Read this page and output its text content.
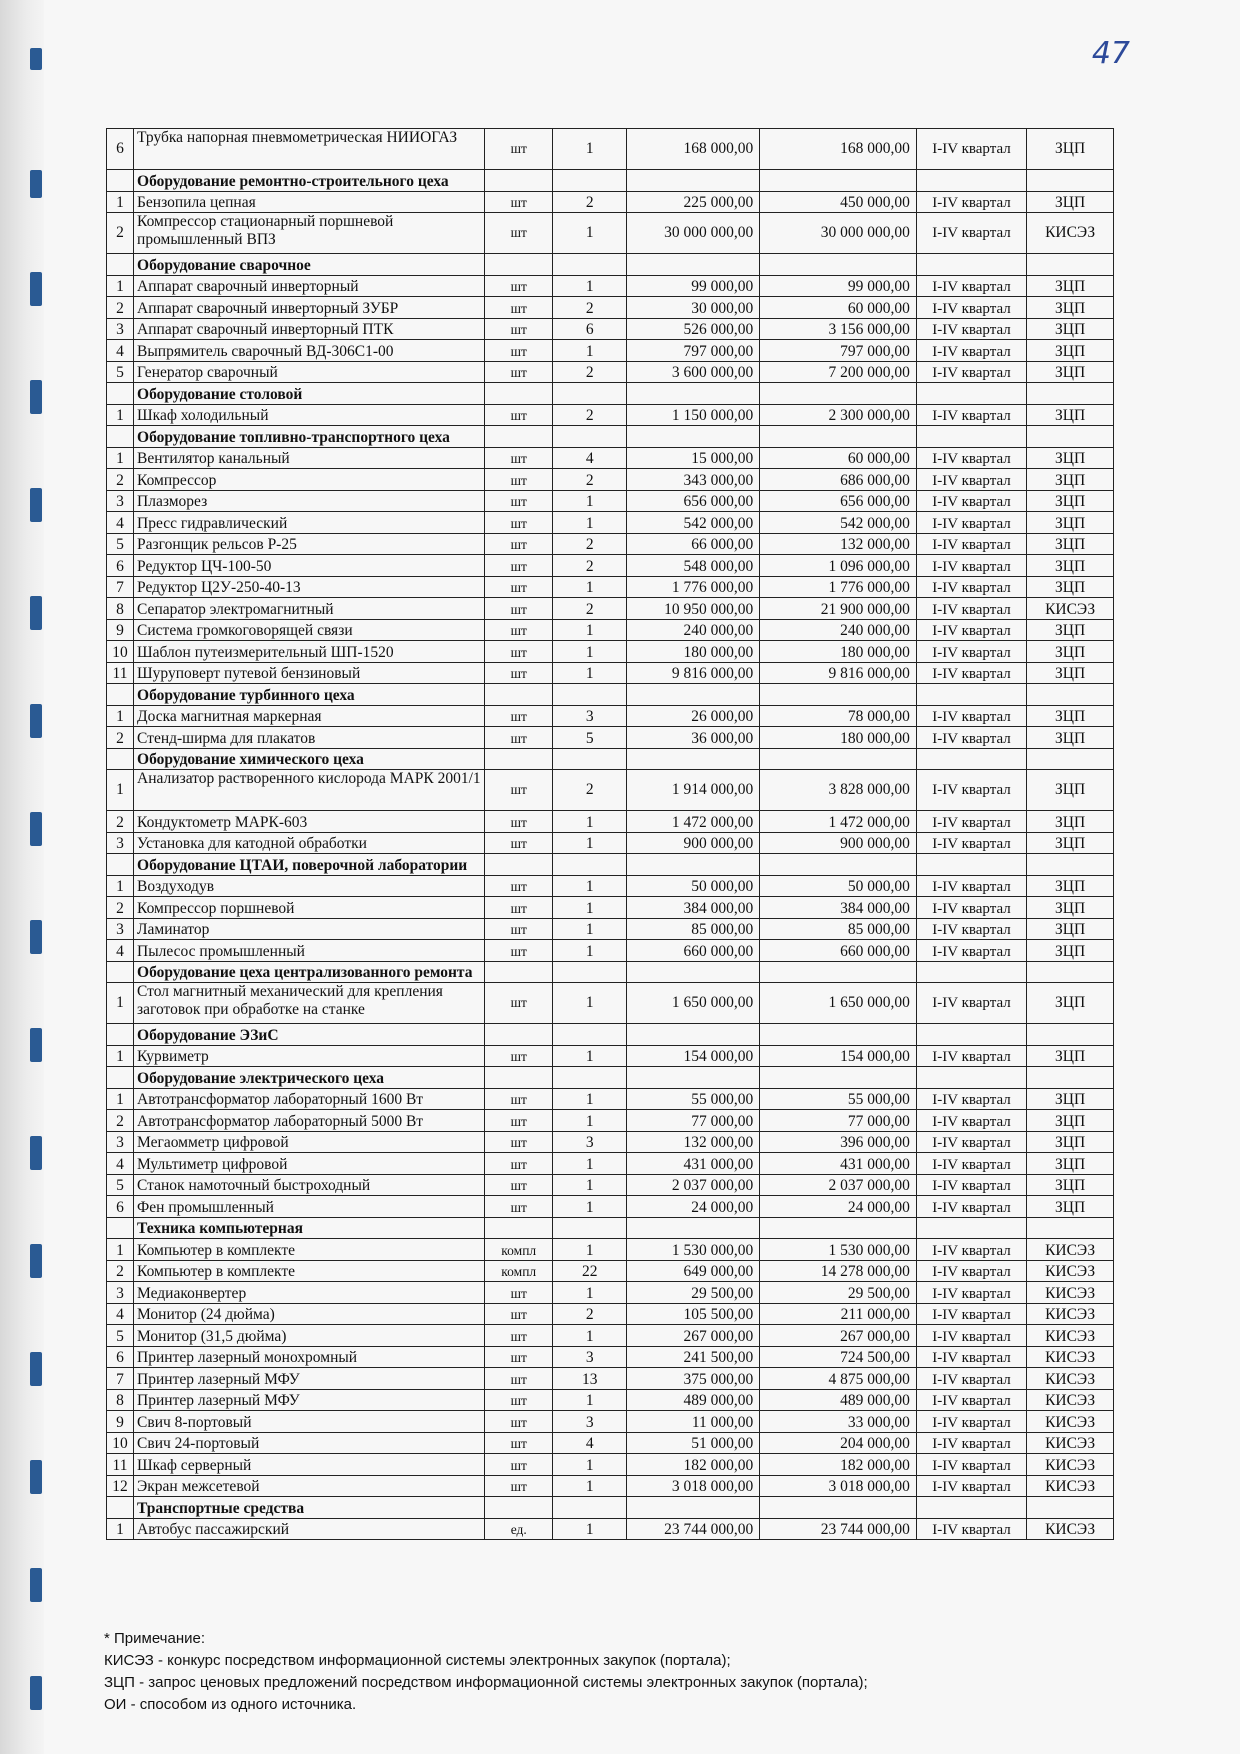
47
6	Трубка напорная пневмометрическая НИИОГАЗ	шт	1	168 000,00	168 000,00	I-IV квартал	ЗЦП
	Оборудование ремонтно-строительного цеха						
1	Бензопила цепная	шт	2	225 000,00	450 000,00	I-IV квартал	ЗЦП
2	Компрессор стационарный поршневой промышленный ВПЗ	шт	1	30 000 000,00	30 000 000,00	I-IV квартал	КИСЭЗ
	Оборудование сварочное						
1	Аппарат сварочный инверторный	шт	1	99 000,00	99 000,00	I-IV квартал	ЗЦП
2	Аппарат сварочный инверторный ЗУБР	шт	2	30 000,00	60 000,00	I-IV квартал	ЗЦП
3	Аппарат сварочный инверторный ПТК	шт	6	526 000,00	3 156 000,00	I-IV квартал	ЗЦП
4	Выпрямитель сварочный ВД-306С1-00	шт	1	797 000,00	797 000,00	I-IV квартал	ЗЦП
5	Генератор сварочный	шт	2	3 600 000,00	7 200 000,00	I-IV квартал	ЗЦП
	Оборудование столовой						
1	Шкаф холодильный	шт	2	1 150 000,00	2 300 000,00	I-IV квартал	ЗЦП
	Оборудование топливно-транспортного цеха						
1	Вентилятор канальный	шт	4	15 000,00	60 000,00	I-IV квартал	ЗЦП
2	Компрессор	шт	2	343 000,00	686 000,00	I-IV квартал	ЗЦП
3	Плазморез	шт	1	656 000,00	656 000,00	I-IV квартал	ЗЦП
4	Пресс гидравлический	шт	1	542 000,00	542 000,00	I-IV квартал	ЗЦП
5	Разгонщик рельсов Р-25	шт	2	66 000,00	132 000,00	I-IV квартал	ЗЦП
6	Редуктор ЦЧ-100-50	шт	2	548 000,00	1 096 000,00	I-IV квартал	ЗЦП
7	Редуктор Ц2У-250-40-13	шт	1	1 776 000,00	1 776 000,00	I-IV квартал	ЗЦП
8	Сепаратор электромагнитный	шт	2	10 950 000,00	21 900 000,00	I-IV квартал	КИСЭЗ
9	Система громкоговорящей связи	шт	1	240 000,00	240 000,00	I-IV квартал	ЗЦП
10	Шаблон путеизмерительный ШП-1520	шт	1	180 000,00	180 000,00	I-IV квартал	ЗЦП
11	Шуруповерт путевой бензиновый	шт	1	9 816 000,00	9 816 000,00	I-IV квартал	ЗЦП
	Оборудование турбинного цеха						
1	Доска магнитная маркерная	шт	3	26 000,00	78 000,00	I-IV квартал	ЗЦП
2	Стенд-ширма для плакатов	шт	5	36 000,00	180 000,00	I-IV квартал	ЗЦП
	Оборудование химического цеха						
1	Анализатор растворенного кислорода МАРК 2001/1	шт	2	1 914 000,00	3 828 000,00	I-IV квартал	ЗЦП
2	Кондуктометр МАРК-603	шт	1	1 472 000,00	1 472 000,00	I-IV квартал	ЗЦП
3	Установка для катодной обработки	шт	1	900 000,00	900 000,00	I-IV квартал	ЗЦП
	Оборудование ЦТАИ, поверочной лаборатории						
1	Воздуходув	шт	1	50 000,00	50 000,00	I-IV квартал	ЗЦП
2	Компрессор поршневой	шт	1	384 000,00	384 000,00	I-IV квартал	ЗЦП
3	Ламинатор	шт	1	85 000,00	85 000,00	I-IV квартал	ЗЦП
4	Пылесос промышленный	шт	1	660 000,00	660 000,00	I-IV квартал	ЗЦП
	Оборудование цеха централизованного ремонта						
1	Стол магнитный механический для крепления заготовок при обработке на станке	шт	1	1 650 000,00	1 650 000,00	I-IV квартал	ЗЦП
	Оборудование ЭЗиС						
1	Курвиметр	шт	1	154 000,00	154 000,00	I-IV квартал	ЗЦП
	Оборудование электрического цеха						
1	Автотрансформатор лабораторный 1600 Вт	шт	1	55 000,00	55 000,00	I-IV квартал	ЗЦП
2	Автотрансформатор лабораторный 5000 Вт	шт	1	77 000,00	77 000,00	I-IV квартал	ЗЦП
3	Мегаомметр цифровой	шт	3	132 000,00	396 000,00	I-IV квартал	ЗЦП
4	Мультиметр цифровой	шт	1	431 000,00	431 000,00	I-IV квартал	ЗЦП
5	Станок намоточный быстроходный	шт	1	2 037 000,00	2 037 000,00	I-IV квартал	ЗЦП
6	Фен промышленный	шт	1	24 000,00	24 000,00	I-IV квартал	ЗЦП
	Техника компьютерная						
1	Компьютер в комплекте	компл	1	1 530 000,00	1 530 000,00	I-IV квартал	КИСЭЗ
2	Компьютер в комплекте	компл	22	649 000,00	14 278 000,00	I-IV квартал	КИСЭЗ
3	Медиаконвертер	шт	1	29 500,00	29 500,00	I-IV квартал	КИСЭЗ
4	Монитор (24 дюйма)	шт	2	105 500,00	211 000,00	I-IV квартал	КИСЭЗ
5	Монитор (31,5 дюйма)	шт	1	267 000,00	267 000,00	I-IV квартал	КИСЭЗ
6	Принтер лазерный монохромный	шт	3	241 500,00	724 500,00	I-IV квартал	КИСЭЗ
7	Принтер лазерный МФУ	шт	13	375 000,00	4 875 000,00	I-IV квартал	КИСЭЗ
8	Принтер лазерный МФУ	шт	1	489 000,00	489 000,00	I-IV квартал	КИСЭЗ
9	Свич 8-портовый	шт	3	11 000,00	33 000,00	I-IV квартал	КИСЭЗ
10	Свич 24-портовый	шт	4	51 000,00	204 000,00	I-IV квартал	КИСЭЗ
11	Шкаф серверный	шт	1	182 000,00	182 000,00	I-IV квартал	КИСЭЗ
12	Экран межсетевой	шт	1	3 018 000,00	3 018 000,00	I-IV квартал	КИСЭЗ
	Транспортные средства						
1	Автобус пассажирский	ед.	1	23 744 000,00	23 744 000,00	I-IV квартал	КИСЭЗ
* Примечание:
КИСЭЗ - конкурс посредством информационной системы электронных закупок (портала);
ЗЦП - запрос ценовых предложений посредством информационной системы электронных закупок (портала);
ОИ - способом из одного источника.
